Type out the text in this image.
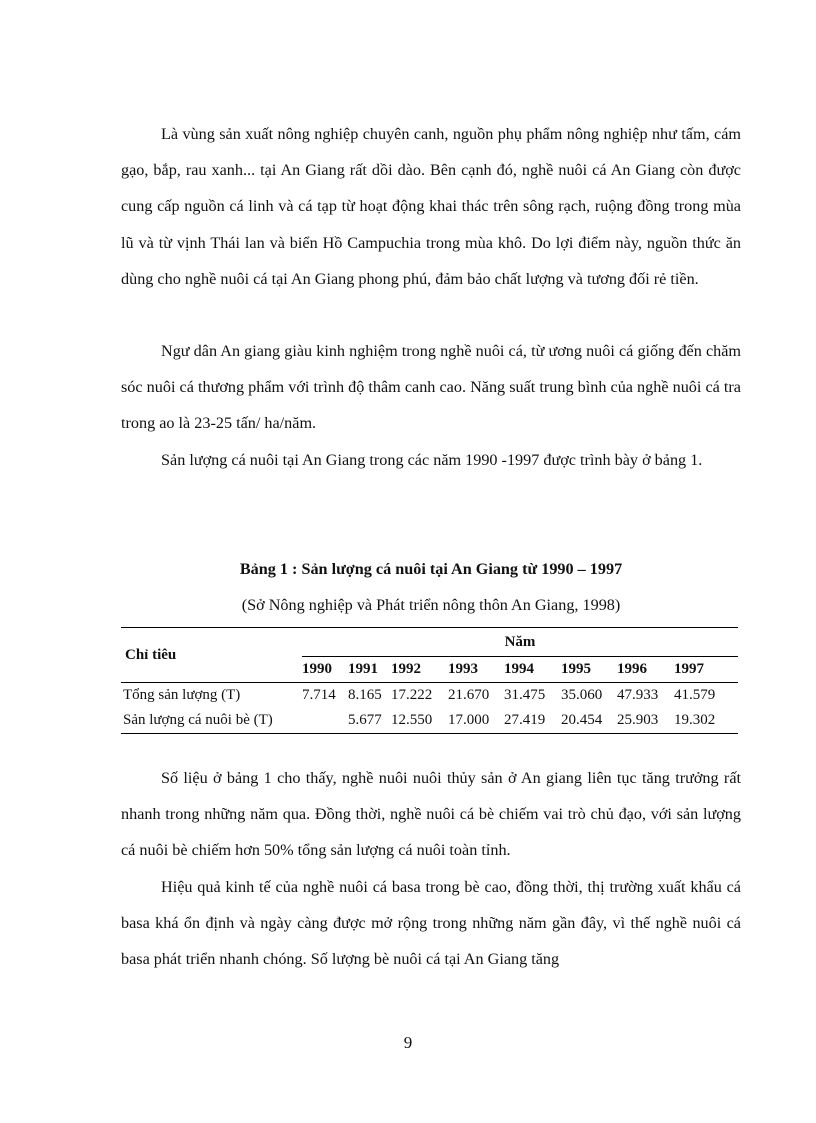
Là vùng sản xuất nông nghiệp chuyên canh, nguồn phụ phẩm nông nghiệp như tấm, cám gạo, bắp, rau xanh... tại An Giang rất dồi dào. Bên cạnh đó, nghề nuôi cá An Giang còn được cung cấp nguồn cá linh và cá tạp từ hoạt động khai thác trên sông rạch, ruộng đồng trong mùa lũ và từ vịnh Thái lan và biển Hồ Campuchia trong mùa khô. Do lợi điểm này, nguồn thức ăn dùng cho nghề nuôi cá tại An Giang phong phú, đảm bảo chất lượng và tương đối rẻ tiền.

Ngư dân An giang giàu kinh nghiệm trong nghề nuôi cá, từ ương nuôi cá giống đến chăm sóc nuôi cá thương phẩm với trình độ thâm canh cao. Năng suất trung bình của nghề nuôi cá tra trong ao là 23-25 tấn/ ha/năm.

Sản lượng cá nuôi tại An Giang trong các năm 1990 -1997 được trình bày ở bảng 1.

Bảng 1 : Sản lượng cá nuôi tại An Giang từ 1990 – 1997
(Sở Nông nghiệp và Phát triển nông thôn An Giang, 1998)
Chỉ tiêu	Năm							
	1990	1991	1992	1993	1994	1995	1996	1997
Tổng sản lượng (T)	7.714	8.165	17.222	21.670	31.475	35.060	47.933	41.579
Sản lượng cá nuôi bè (T)		5.677	12.550	17.000	27.419	20.454	25.903	19.302

Số liệu ở bảng 1 cho thấy, nghề nuôi nuôi thủy sản ở An giang liên tục tăng trưởng rất nhanh trong những năm qua. Đồng thời, nghề nuôi cá bè chiếm vai trò chủ đạo, với sản lượng cá nuôi bè chiếm hơn 50% tổng sản lượng cá nuôi toàn tỉnh.

Hiệu quả kinh tế của nghề nuôi cá basa trong bè cao, đồng thời, thị trường xuất khẩu cá basa khá ổn định và ngày càng được mở rộng trong những năm gần đây, vì thế nghề nuôi cá basa phát triển nhanh chóng. Số lượng bè nuôi cá tại An Giang tăng

9
